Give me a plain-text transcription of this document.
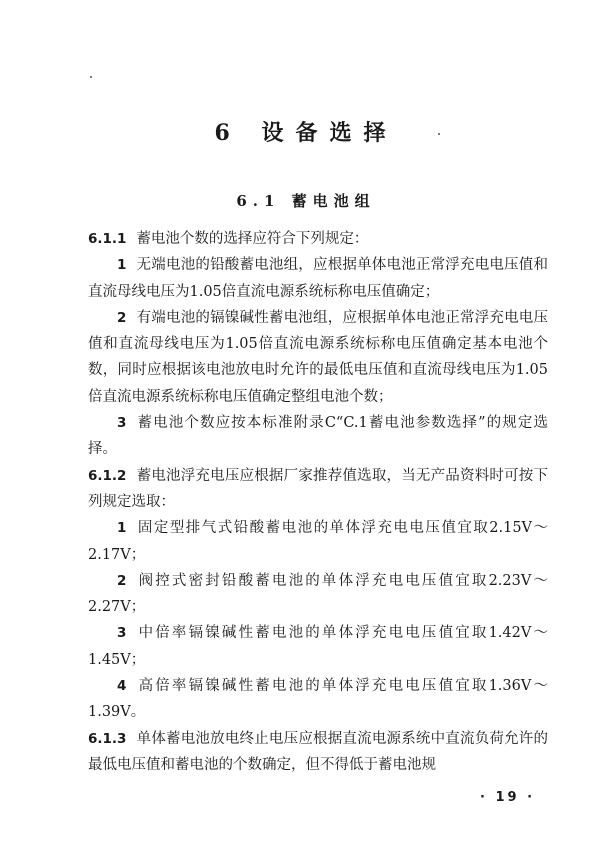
6 设备选择
6.1 蓄电池组

6.1.1 蓄电池个数的选择应符合下列规定：

1 无端电池的铅酸蓄电池组，应根据单体电池正常浮充电电压值和直流母线电压为1.05倍直流电源系统标称电压值确定；

2 有端电池的镉镍碱性蓄电池组，应根据单体电池正常浮充电电压值和直流母线电压为1.05倍直流电源系统标称电压值确定基本电池个数，同时应根据该电池放电时允许的最低电压值和直流母线电压为1.05倍直流电源系统标称电压值确定整组电池个数；

3 蓄电池个数应按本标准附录C“C.1蓄电池参数选择”的规定选择。

6.1.2 蓄电池浮充电压应根据厂家推荐值选取，当无产品资料时可按下列规定选取：

1 固定型排气式铅酸蓄电池的单体浮充电电压值宜取2.15V～2.17V；

2 阀控式密封铅酸蓄电池的单体浮充电电压值宜取2.23V～2.27V；

3 中倍率镉镍碱性蓄电池的单体浮充电电压值宜取1.42V～1.45V；

4 高倍率镉镍碱性蓄电池的单体浮充电电压值宜取1.36V～1.39V。

6.1.3 单体蓄电池放电终止电压应根据直流电源系统中直流负荷允许的最低电压值和蓄电池的个数确定，但不得低于蓄电池规

· 19 ·
